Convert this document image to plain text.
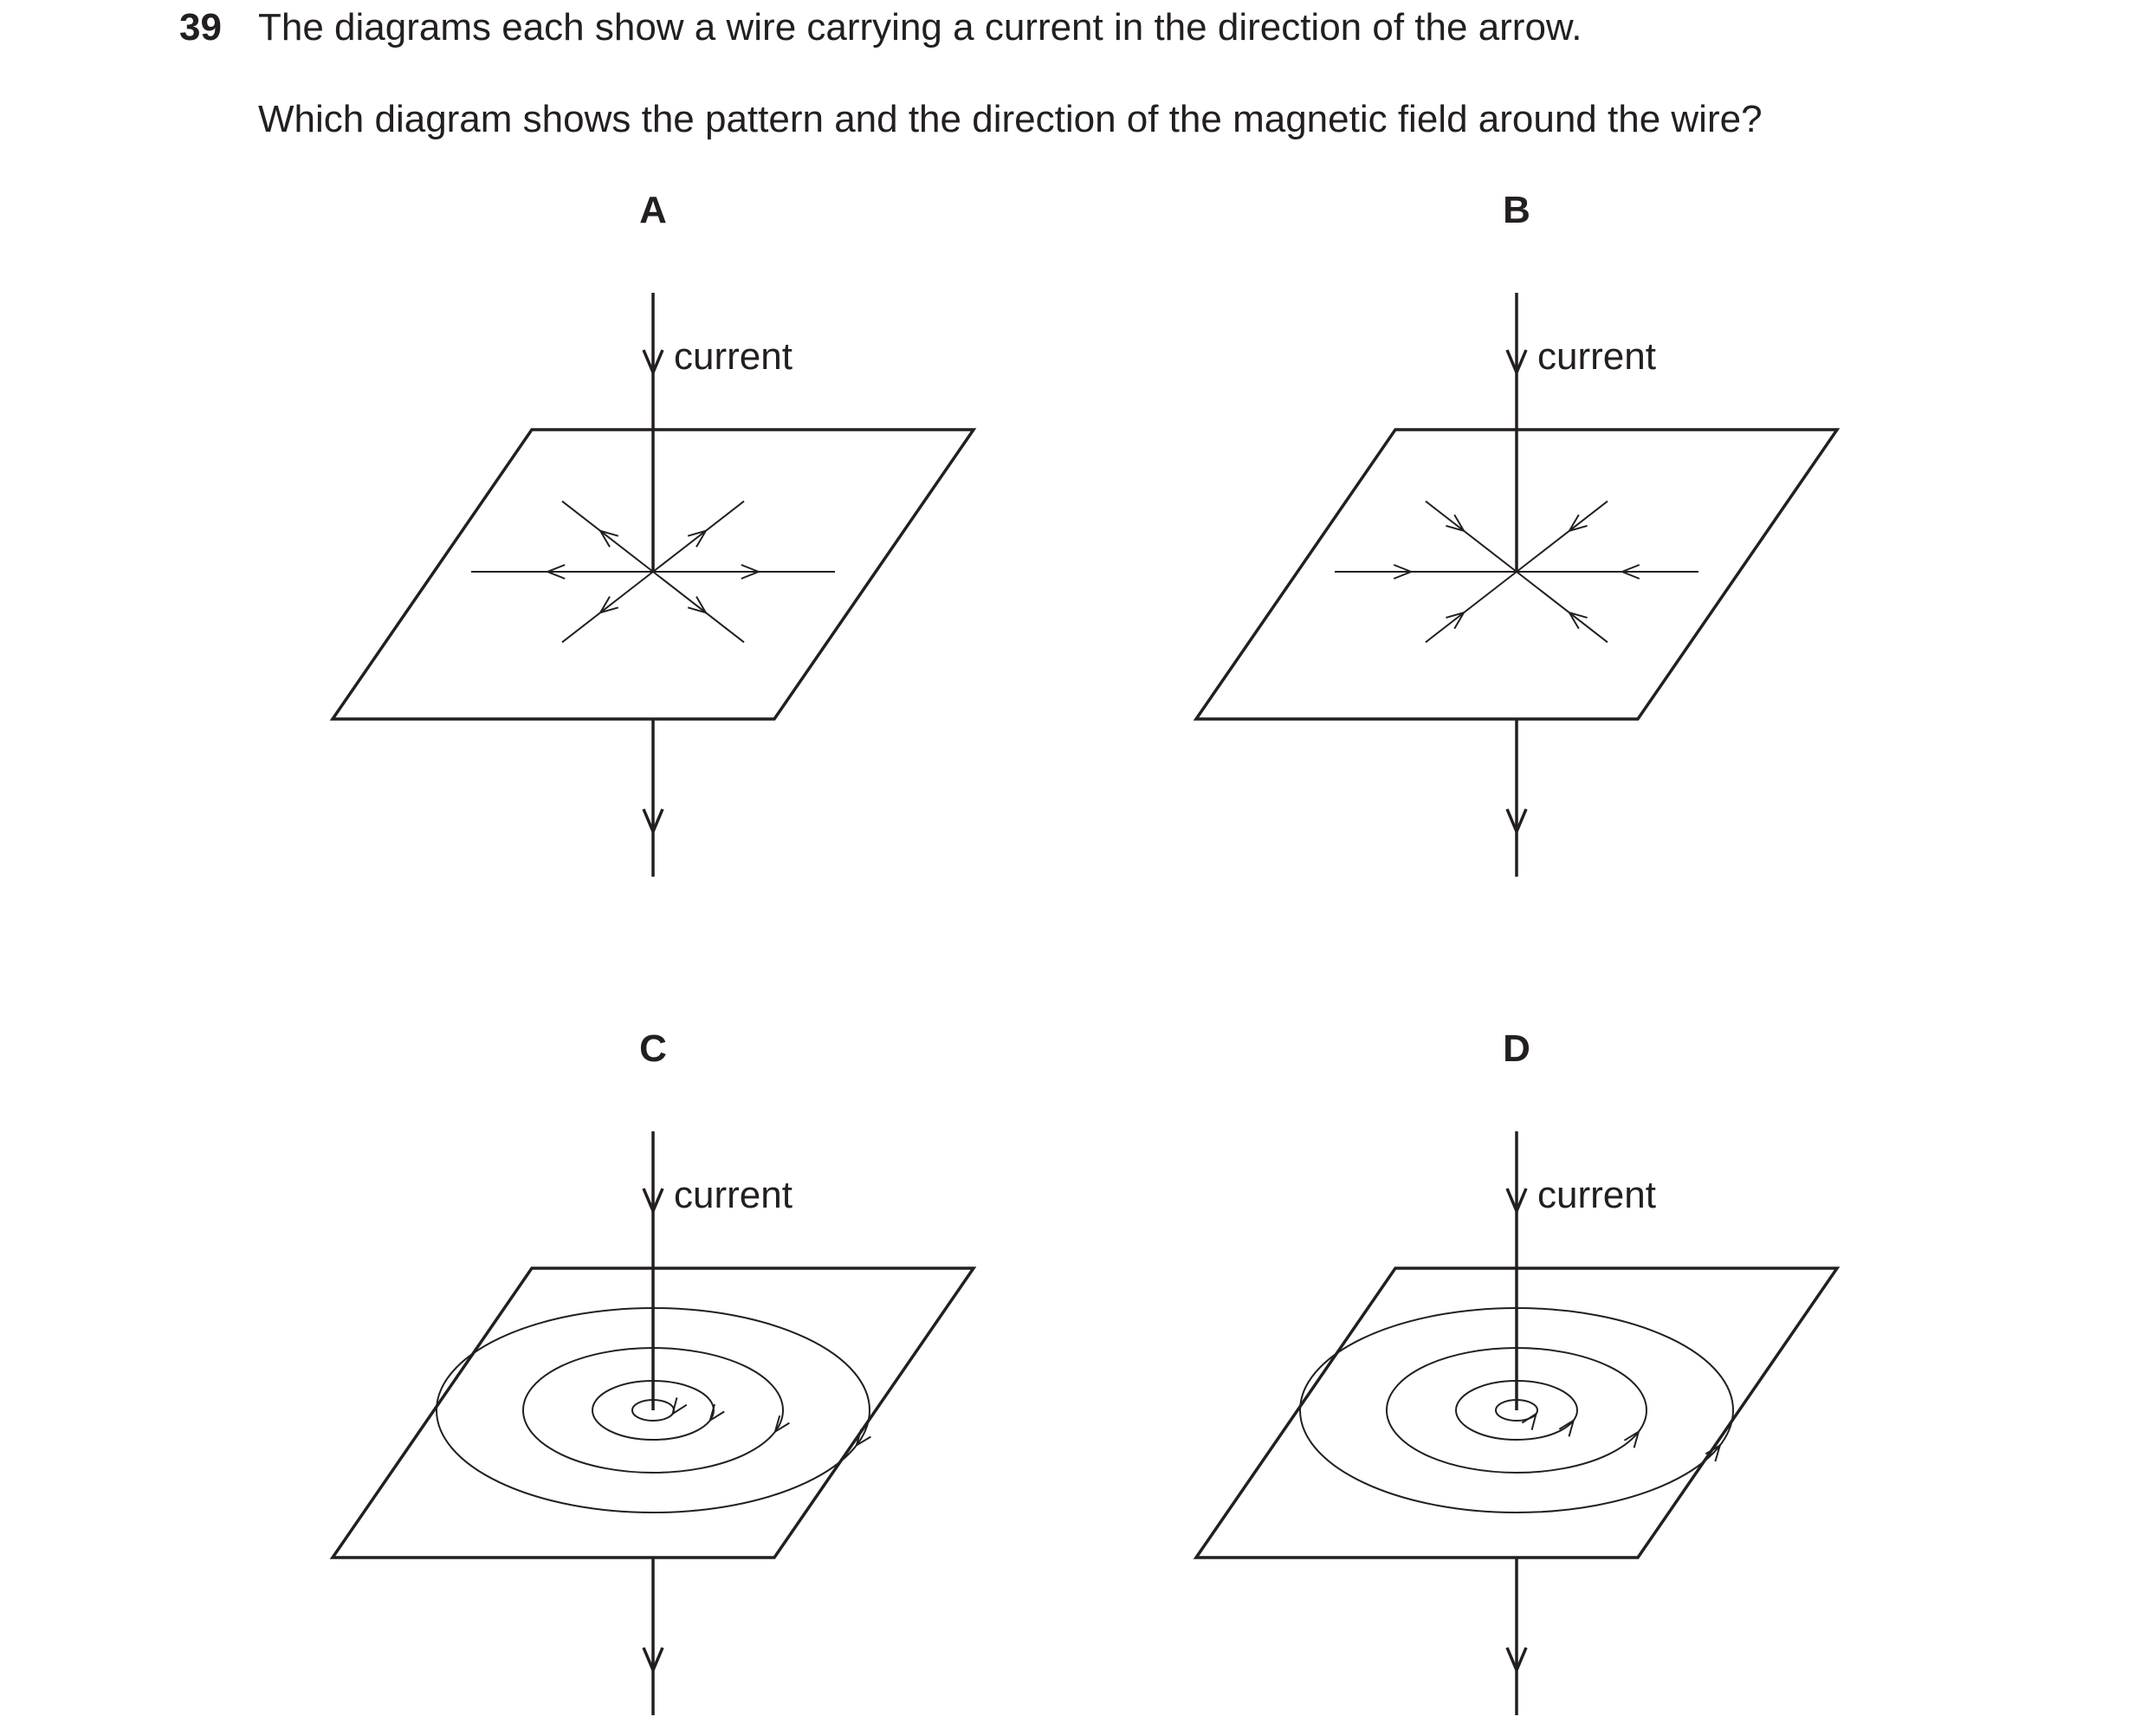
39 The diagrams each show a wire carrying a current in the direction of the arrow.
Which diagram shows the pattern and the direction of the magnetic field around the wire?
A
current
B
current
C
current
D
current
